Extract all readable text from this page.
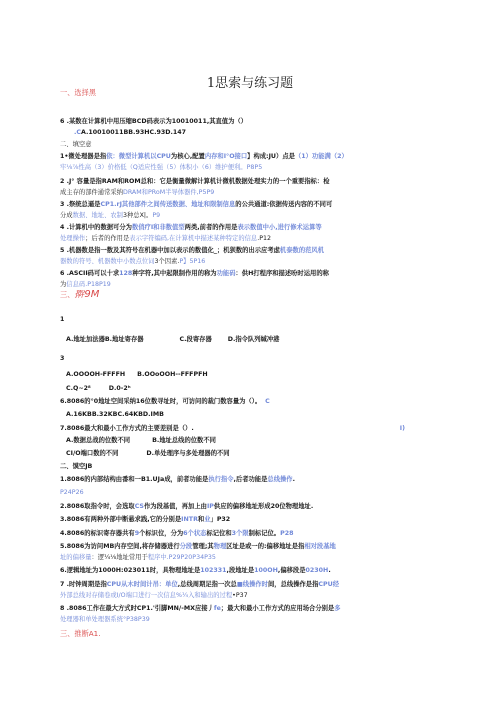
1思索与练习题
一、选择黑
6 .某数在计算机中用压缩BCD码表示为10010011,其直值为（）
.CA.10010011BB.93HC.93D.147
二、填空意
1•微处理器是指依：微型计算机以CPU为核心,配置内存和I°O接口】构成:JU）点是（1）功能满（2）
牢⅛⅞性高（3）价格低（Q适应性强（5）体积小（6）维护便利。P8P5
2 .J° 容量是指RAM和ROM总和：它是衡量微解计算机计微机数据处理实力的一个重要指标：检
成主存的部件通常采纳DRAM和PRoM半导体器件,P5P9
3 .祭统总逼是CP1.rJ其他部件之间传送数据、地址和限制信息的公共通道:依据传送内容的不同可
分成数据、地址、农制3种总X|。P9
4 .计算机中的数据可分为数俏疗I和非数值型两类,前者的作用是表示数值中小,进行修术运算等
处理操作；后者的作用是表示字符编码,在计算机中描述某种特定的信息.P12
5 .机器数是指一数及其符号在机器中加以表示的数值化_；机狈数的出示应考虑机泰数的范风机
器数的符号、机器数中小数点位词3个因素.P】5P16
6 .ASCII码可以十求128种字符,其中起限制作用的称为功能码：供H打程序和描述吩时运用的称
为信息码.P18P19
三、擀9M
1
A.地址加法器B.地址寄存器	C.段寄存器	D.指令队列缄冲港
3
A.OOOOH-FFFFH B.OOoOOH--FFFPFH
C.Q~2⁸	D.0-2ʰ
6.8086的°0地址空间采纳16位数寻址时，可访问的裁门数容量为（）。 C
A.16KBB.32KBC.64KBD.IMB
7.8086最大和最小工作方式的主要差别是（）.	I)
A.数据总战的位数不同	B.地址总线的位数不同
CI/O端口数的不同	D.单处理序与多处理器的不同
二、馍空JB
1.8086的内部结构由番和一B1.UJa成，前者功能是执行指令,后者功能是总线操作.
P24P26
2.8086取指令时，会选取CS作为段基值，再加上由IP供应的偏移地址形成20位物理地址.
3.8086有两种外部中断悬求践,它的分别是INTR和业」P32
4.8086的标识寄存器共有9个标识位，分为6个状态标记位和3个限制标记位。P28
5.8086为访问MB内存空间,将存储器进行分段管理;其物理区址是或一的:偏移地址是指相对段基地
址的偏移量：逻¼⅛地址常用于程序中.P29P20P34P35
6.逻辑地址为1000H:023011时，具物理地址是102331,段地址是100OH,偏移段是0230H.
7 .时钟周期是指CPU从木时间计吊：单位,总线周期足指一次总■线操作时间，总线操作是指CPU经
外部总线对存储卷或I/O端口进行一次信息%¼入和输出的过程•P37
8 .8086工作在最大方式时CP1.'引脚MN/-MX应接丿fe；最大和最小工作方式的应用场合分别是多
处理器和单处理器系统°P38P39
三、推断A1.
